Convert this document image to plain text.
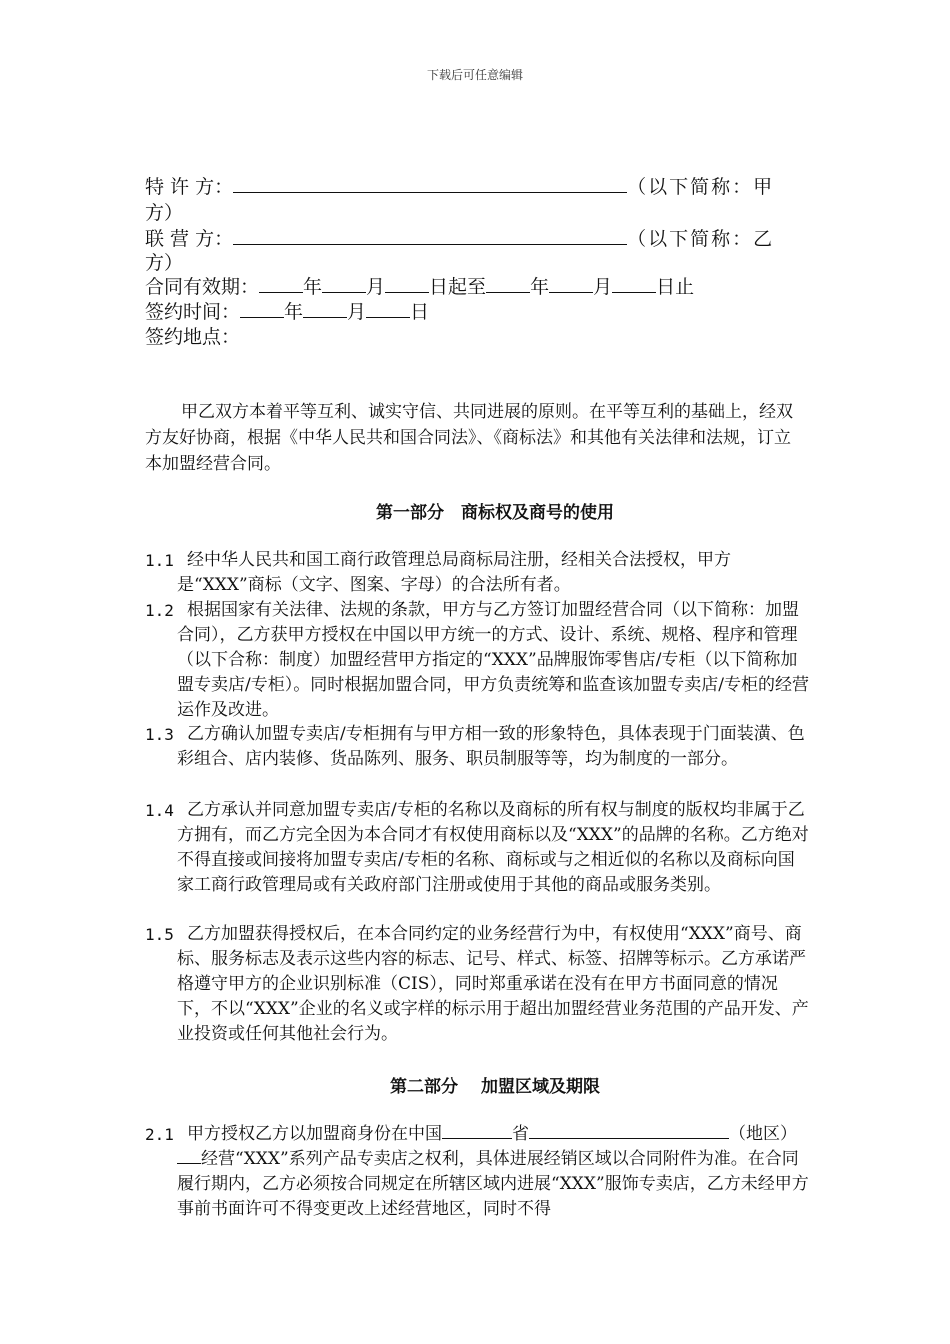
下载后可任意编辑
特 许 方：	（以下简称：甲
方）
联 营 方：	（以下简称：乙
方）
合同有效期： 年 月 日起至 年 月 日止
签约时间： 年 月 日
签约地点：

甲乙双方本着平等互利、诚实守信、共同进展的原则。在平等互利的基础上，经双方友好协商，根据《中华人民共和国合同法》、《商标法》和其他有关法律和法规，订立本加盟经营合同。

第一部分　商标权及商号的使用
1.1 经中华人民共和国工商行政管理总局商标局注册，经相关合法授权，甲方是“XXX”商标（文字、图案、字母）的合法所有者。
1.2 根据国家有关法律、法规的条款，甲方与乙方签订加盟经营合同（以下简称：加盟合同），乙方获甲方授权在中国以甲方统一的方式、设计、系统、规格、程序和管理（以下合称：制度）加盟经营甲方指定的“XXX”品牌服饰零售店/专柜（以下简称加盟专卖店/专柜）。同时根据加盟合同，甲方负责统筹和监查该加盟专卖店/专柜的经营运作及改进。
1.3 乙方确认加盟专卖店/专柜拥有与甲方相一致的形象特色，具体表现于门面装潢、色彩组合、店内装修、货品陈列、服务、职员制服等等，均为制度的一部分。
1.4 乙方承认并同意加盟专卖店/专柜的名称以及商标的所有权与制度的版权均非属于乙方拥有，而乙方完全因为本合同才有权使用商标以及“XXX”的品牌的名称。乙方绝对不得直接或间接将加盟专卖店/专柜的名称、商标或与之相近似的名称以及商标向国家工商行政管理局或有关政府部门注册或使用于其他的商品或服务类别。
1.5 乙方加盟获得授权后，在本合同约定的业务经营行为中，有权使用“XXX”商号、商标、服务标志及表示这些内容的标志、记号、样式、标签、招牌等标示。乙方承诺严格遵守甲方的企业识别标准（CIS），同时郑重承诺在没有在甲方书面同意的情况下，不以“XXX”企业的名义或字样的标示用于超出加盟经营业务范围的产品开发、产业投资或任何其他社会行为。
第二部分　 加盟区域及期限
2.1 甲方授权乙方以加盟商身份在中国	省	（地区）经营“XXX”系列产品专卖店之权利，具体进展经销区域以合同附件为准。在合同履行期内，乙方必须按合同规定在所辖区域内进展“XXX”服饰专卖店，乙方未经甲方事前书面许可不得变更改上述经营地区，同时不得
